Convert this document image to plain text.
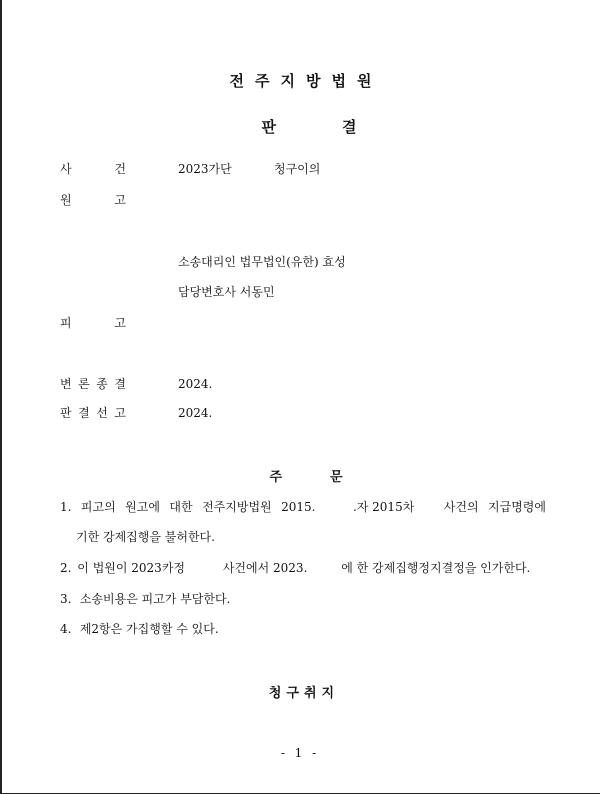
전주지방법원
판결
사	건	2023가단	청구이의
원	고
소송대리인 법무법인(유한) 효성
담당변호사 서동민
피	고
변 론 종 결	2024.
판 결 선 고	2024.
주문
1. 피고의 원고에 대한 전주지방법원 2015.	.자 2015차 사건의 지급명령에
기한 강제집행을 불허한다.
2. 이 법원이 2023카정	사건에서 2023.	에 한 강제집행정지결정을 인가한다.
3. 소송비용은 피고가 부담한다.
4. 제2항은 가집행할 수 있다.
청구취지
- 1 -
